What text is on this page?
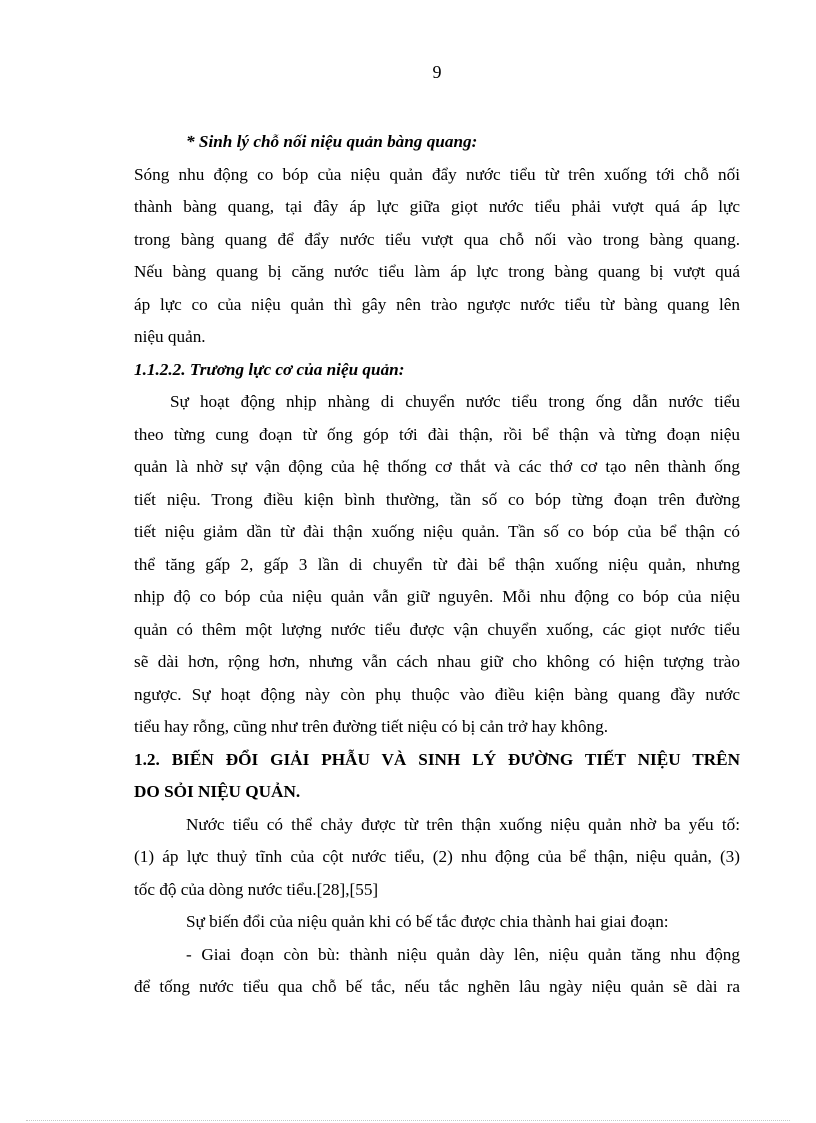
9
* Sinh lý chỗ nối niệu quản bàng quang:
Sóng nhu động co bóp của niệu quản đẩy nước tiểu từ trên xuống tới chỗ nối
thành bàng quang, tại đây áp lực giữa giọt nước tiểu phải vượt quá áp lực
trong bàng quang để đẩy nước tiểu vượt qua chỗ nối vào trong bàng quang.
Nếu bàng quang bị căng nước tiểu làm áp lực trong bàng quang bị vượt quá
áp lực co của niệu quản thì gây nên trào ngược nước tiểu từ bàng quang lên
niệu quản.
1.1.2.2. Trương lực cơ của niệu quản:
Sự hoạt động nhịp nhàng di chuyển nước tiểu trong ống dẫn nước tiểu
theo từng cung đoạn từ ống góp tới đài thận, rồi bể thận và từng đoạn niệu
quản là nhờ sự vận động của hệ thống cơ thắt và các thớ cơ tạo nên thành ống
tiết niệu. Trong điều kiện bình thường, tần số co bóp từng đoạn trên đường
tiết niệu giảm dần từ đài thận xuống niệu quản. Tần số co bóp của bể thận có
thể tăng gấp 2, gấp 3 lần di chuyển từ đài bể thận xuống niệu quản, nhưng
nhịp độ co bóp của niệu quản vẫn giữ nguyên. Mỗi nhu động co bóp của niệu
quản có thêm một lượng nước tiểu được vận chuyển xuống, các giọt nước tiểu
sẽ dài hơn, rộng hơn, nhưng vẫn cách nhau giữ cho không có hiện tượng trào
ngược. Sự hoạt động này còn phụ thuộc vào điều kiện bàng quang đầy nước
tiểu hay rỗng, cũng như trên đường tiết niệu có bị cản trở hay không.
1.2. BIẾN ĐỔI GIẢI PHẪU VÀ SINH LÝ ĐƯỜNG TIẾT NIỆU TRÊN
DO SỎI NIỆU QUẢN.
Nước tiểu có thể chảy được từ trên thận xuống niệu quản nhờ ba yếu tố:
(1) áp lực thuỷ tĩnh của cột nước tiểu, (2) nhu động của bể thận, niệu quản, (3)
tốc độ của dòng nước tiểu.[28],[55]
Sự biến đổi của niệu quản khi có bế tắc được chia thành hai giai đoạn:
- Giai đoạn còn bù: thành niệu quản dày lên, niệu quản tăng nhu động
để tống nước tiểu qua chỗ bế tắc, nếu tắc nghẽn lâu ngày niệu quản sẽ dài ra
